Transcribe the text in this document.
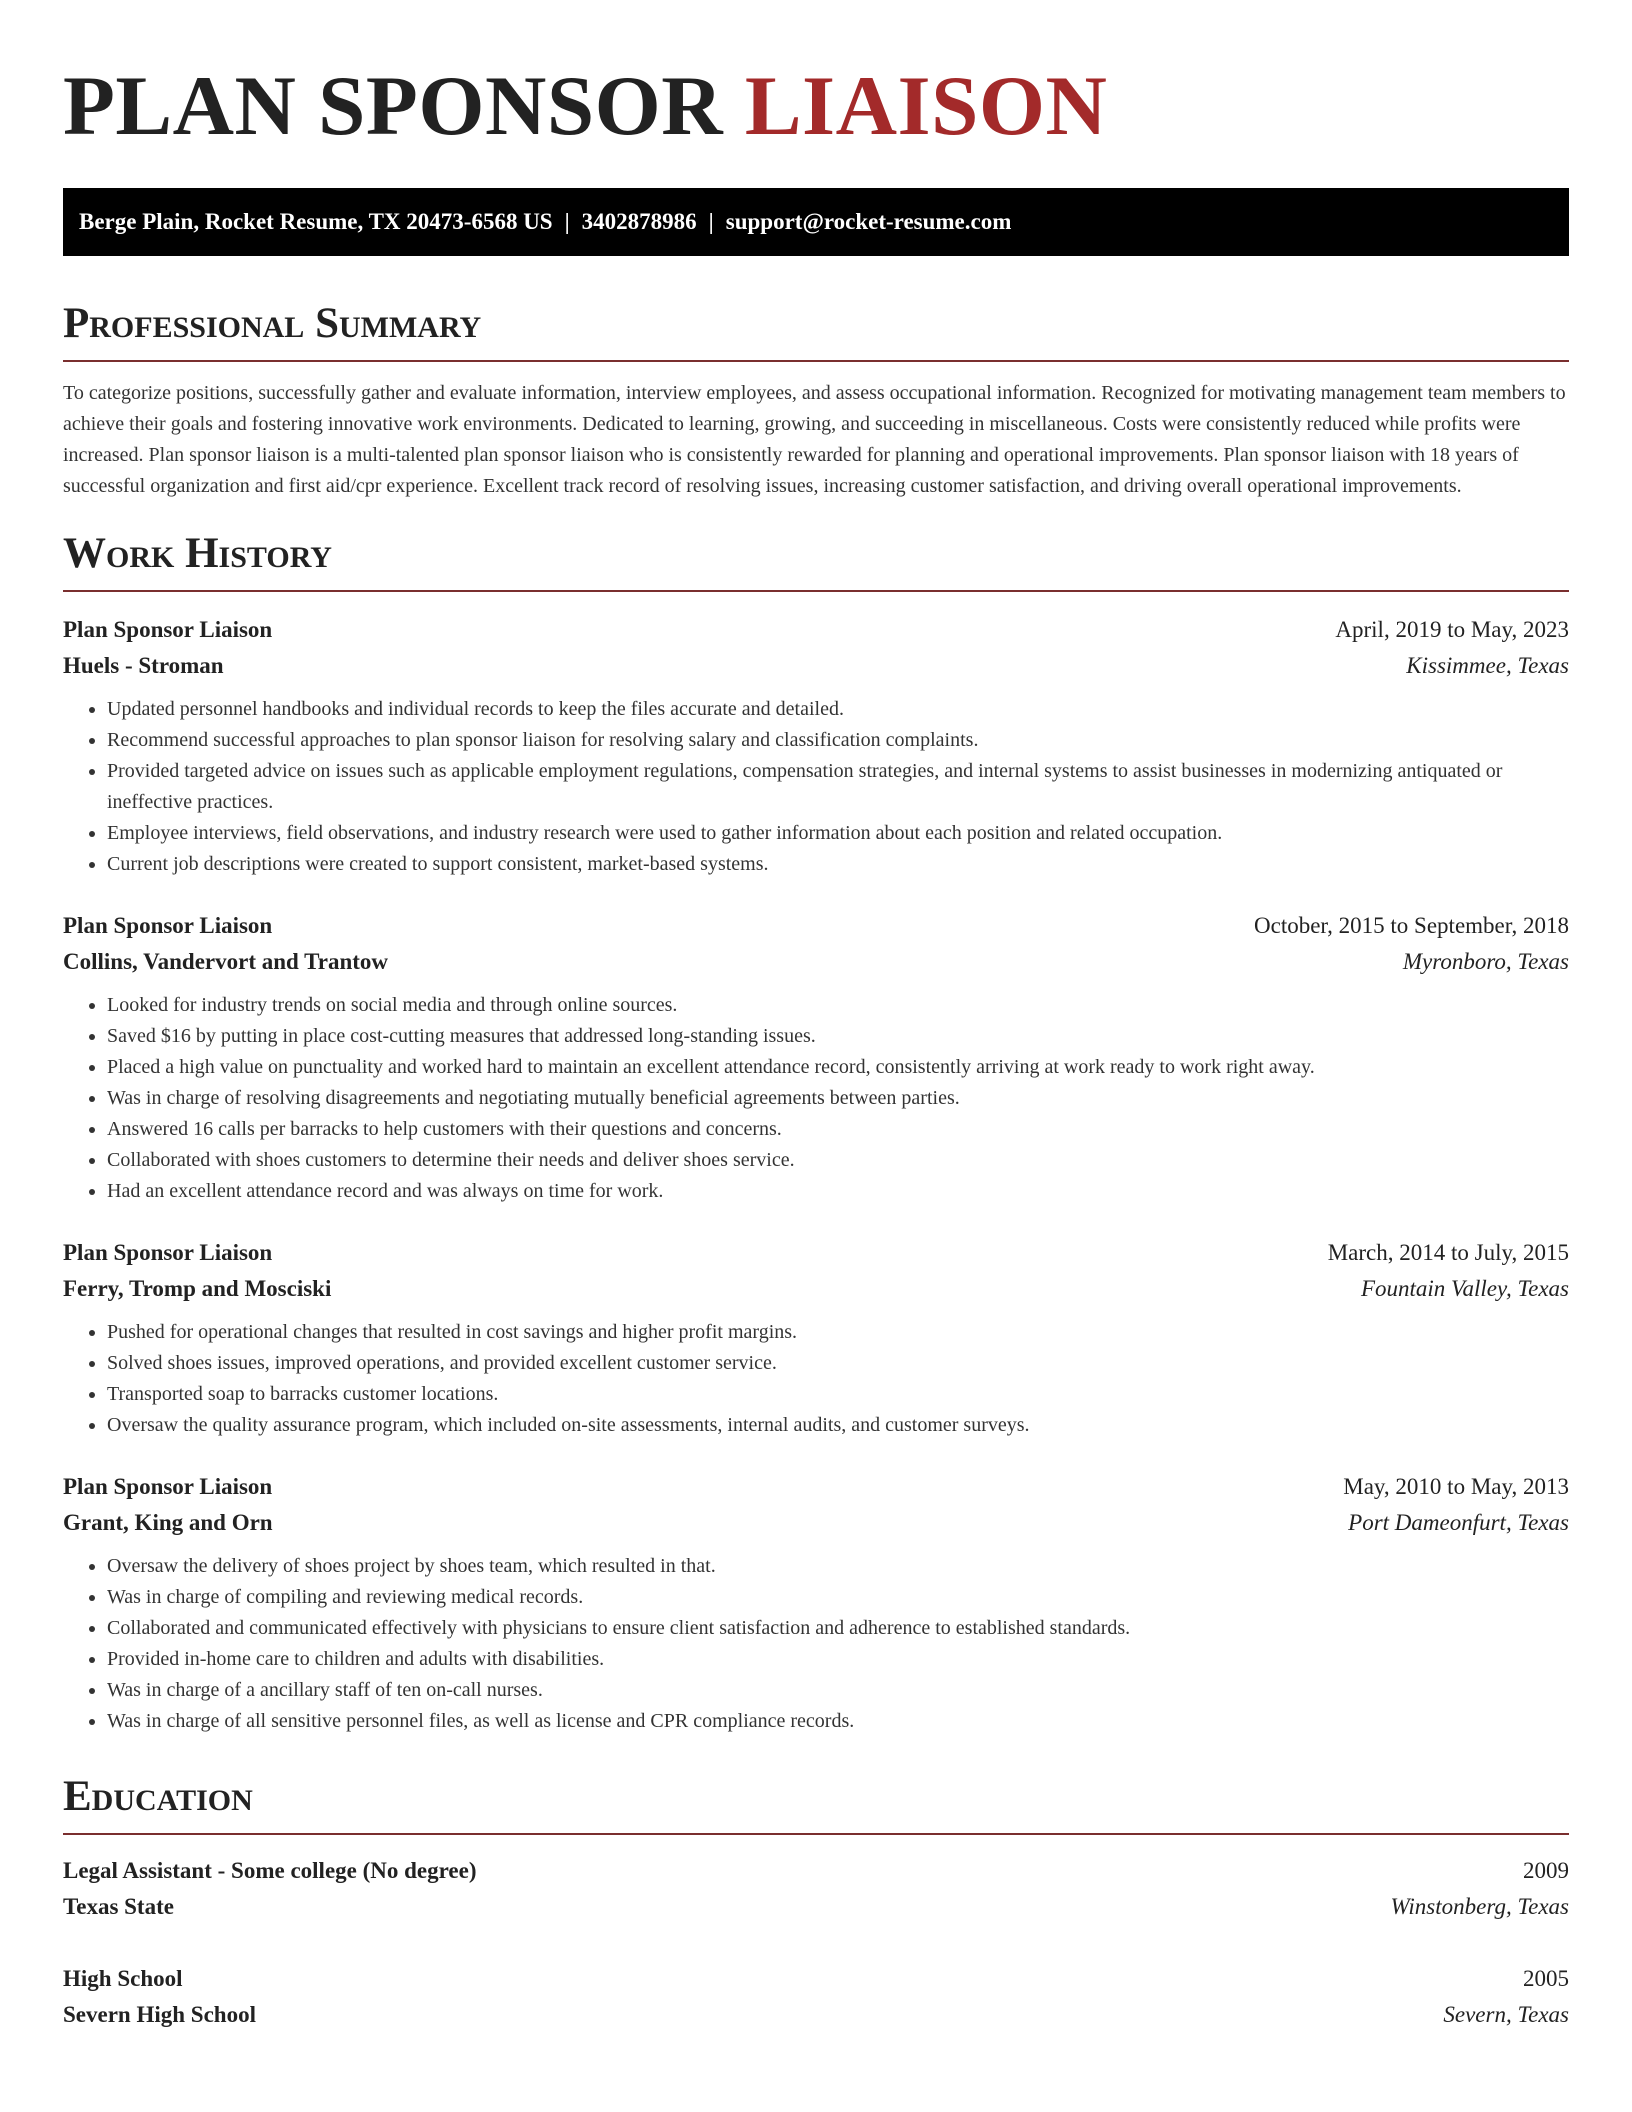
PLAN SPONSOR LIAISON
Berge Plain, Rocket Resume, TX 20473-6568 US | 3402878986 | support@rocket-resume.com
Professional Summary

To categorize positions, successfully gather and evaluate information, interview employees, and assess occupational information. Recognized for motivating management team members to achieve their goals and fostering innovative work environments. Dedicated to learning, growing, and succeeding in miscellaneous. Costs were consistently reduced while profits were increased. Plan sponsor liaison is a multi-talented plan sponsor liaison who is consistently rewarded for planning and operational improvements. Plan sponsor liaison with 18 years of successful organization and first aid/cpr experience. Excellent track record of resolving issues, increasing customer satisfaction, and driving overall operational improvements.

Work History
Plan Sponsor Liaison	April, 2019 to May, 2023
Huels - Stroman	Kissimmee, Texas
• Updated personnel handbooks and individual records to keep the files accurate and detailed.
• Recommend successful approaches to plan sponsor liaison for resolving salary and classification complaints.
• Provided targeted advice on issues such as applicable employment regulations, compensation strategies, and internal systems to assist businesses in modernizing antiquated or ineffective practices.
• Employee interviews, field observations, and industry research were used to gather information about each position and related occupation.
• Current job descriptions were created to support consistent, market-based systems.
Plan Sponsor Liaison	October, 2015 to September, 2018
Collins, Vandervort and Trantow	Myronboro, Texas
• Looked for industry trends on social media and through online sources.
• Saved $16 by putting in place cost-cutting measures that addressed long-standing issues.
• Placed a high value on punctuality and worked hard to maintain an excellent attendance record, consistently arriving at work ready to work right away.
• Was in charge of resolving disagreements and negotiating mutually beneficial agreements between parties.
• Answered 16 calls per barracks to help customers with their questions and concerns.
• Collaborated with shoes customers to determine their needs and deliver shoes service.
• Had an excellent attendance record and was always on time for work.
Plan Sponsor Liaison	March, 2014 to July, 2015
Ferry, Tromp and Mosciski	Fountain Valley, Texas
• Pushed for operational changes that resulted in cost savings and higher profit margins.
• Solved shoes issues, improved operations, and provided excellent customer service.
• Transported soap to barracks customer locations.
• Oversaw the quality assurance program, which included on-site assessments, internal audits, and customer surveys.
Plan Sponsor Liaison	May, 2010 to May, 2013
Grant, King and Orn	Port Dameonfurt, Texas
• Oversaw the delivery of shoes project by shoes team, which resulted in that.
• Was in charge of compiling and reviewing medical records.
• Collaborated and communicated effectively with physicians to ensure client satisfaction and adherence to established standards.
• Provided in-home care to children and adults with disabilities.
• Was in charge of a ancillary staff of ten on-call nurses.
• Was in charge of all sensitive personnel files, as well as license and CPR compliance records.
Education
Legal Assistant - Some college (No degree)	2009
Texas State	Winstonberg, Texas
High School	2005
Severn High School	Severn, Texas
